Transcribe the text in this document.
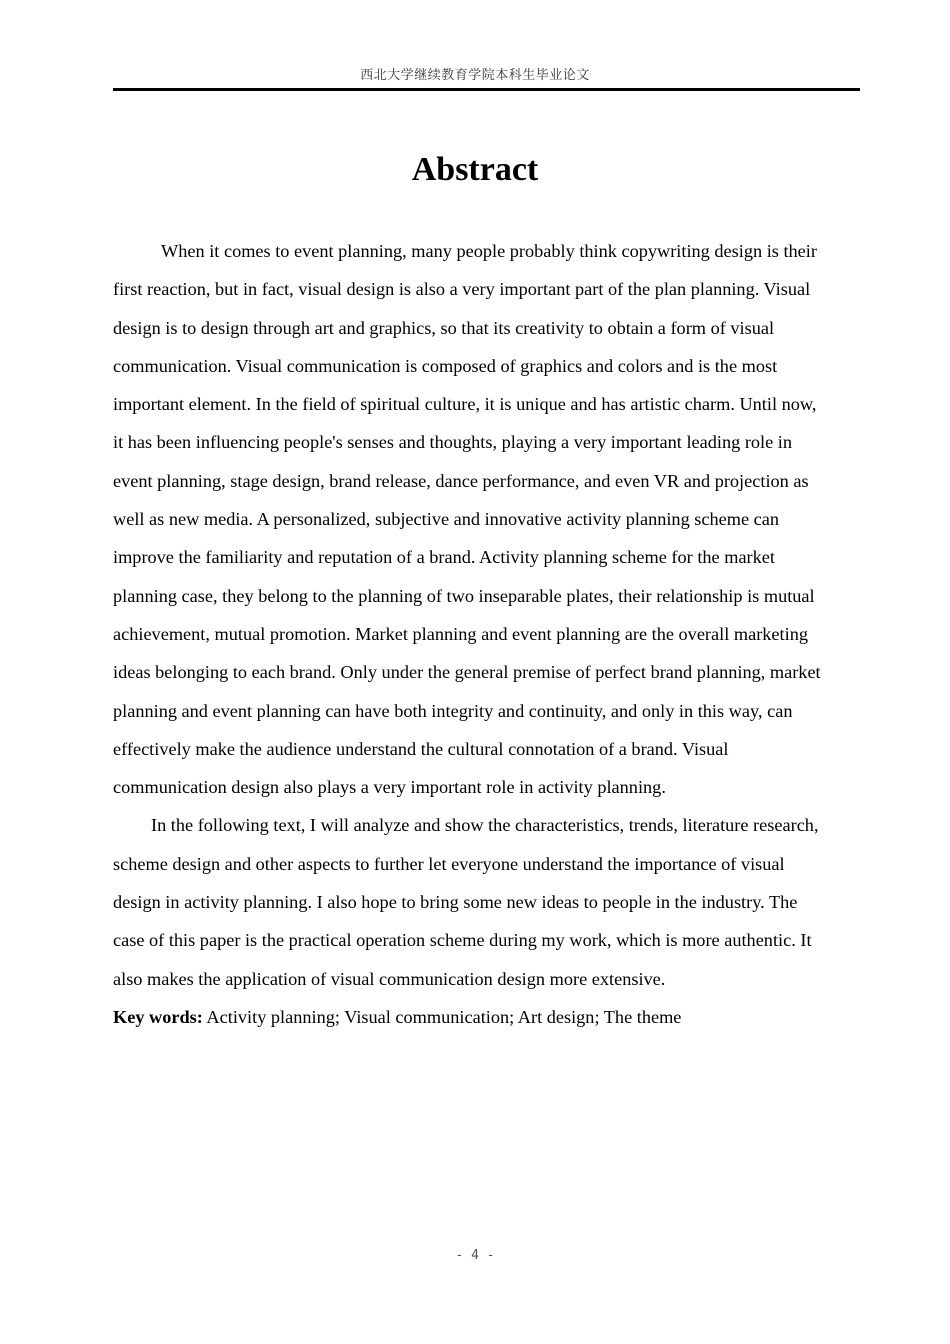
西北大学继续教育学院本科生毕业论文
Abstract
When it comes to event planning, many people probably think copywriting design is their
first reaction, but in fact, visual design is also a very important part of the plan planning. Visual
design is to design through art and graphics, so that its creativity to obtain a form of visual
communication. Visual communication is composed of graphics and colors and is the most
important element. In the field of spiritual culture, it is unique and has artistic charm. Until now,
it has been influencing people's senses and thoughts, playing a very important leading role in
event planning, stage design, brand release, dance performance, and even VR and projection as
well as new media. A personalized, subjective and innovative activity planning scheme can
improve the familiarity and reputation of a brand. Activity planning scheme for the market
planning case, they belong to the planning of two inseparable plates, their relationship is mutual
achievement, mutual promotion. Market planning and event planning are the overall marketing
ideas belonging to each brand. Only under the general premise of perfect brand planning, market
planning and event planning can have both integrity and continuity, and only in this way, can
effectively make the audience understand the cultural connotation of a brand. Visual
communication design also plays a very important role in activity planning.
In the following text, I will analyze and show the characteristics, trends, literature research,
scheme design and other aspects to further let everyone understand the importance of visual
design in activity planning. I also hope to bring some new ideas to people in the industry. The
case of this paper is the practical operation scheme during my work, which is more authentic. It
also makes the application of visual communication design more extensive.
Key words: Activity planning; Visual communication; Art design; The theme
- 4 -
